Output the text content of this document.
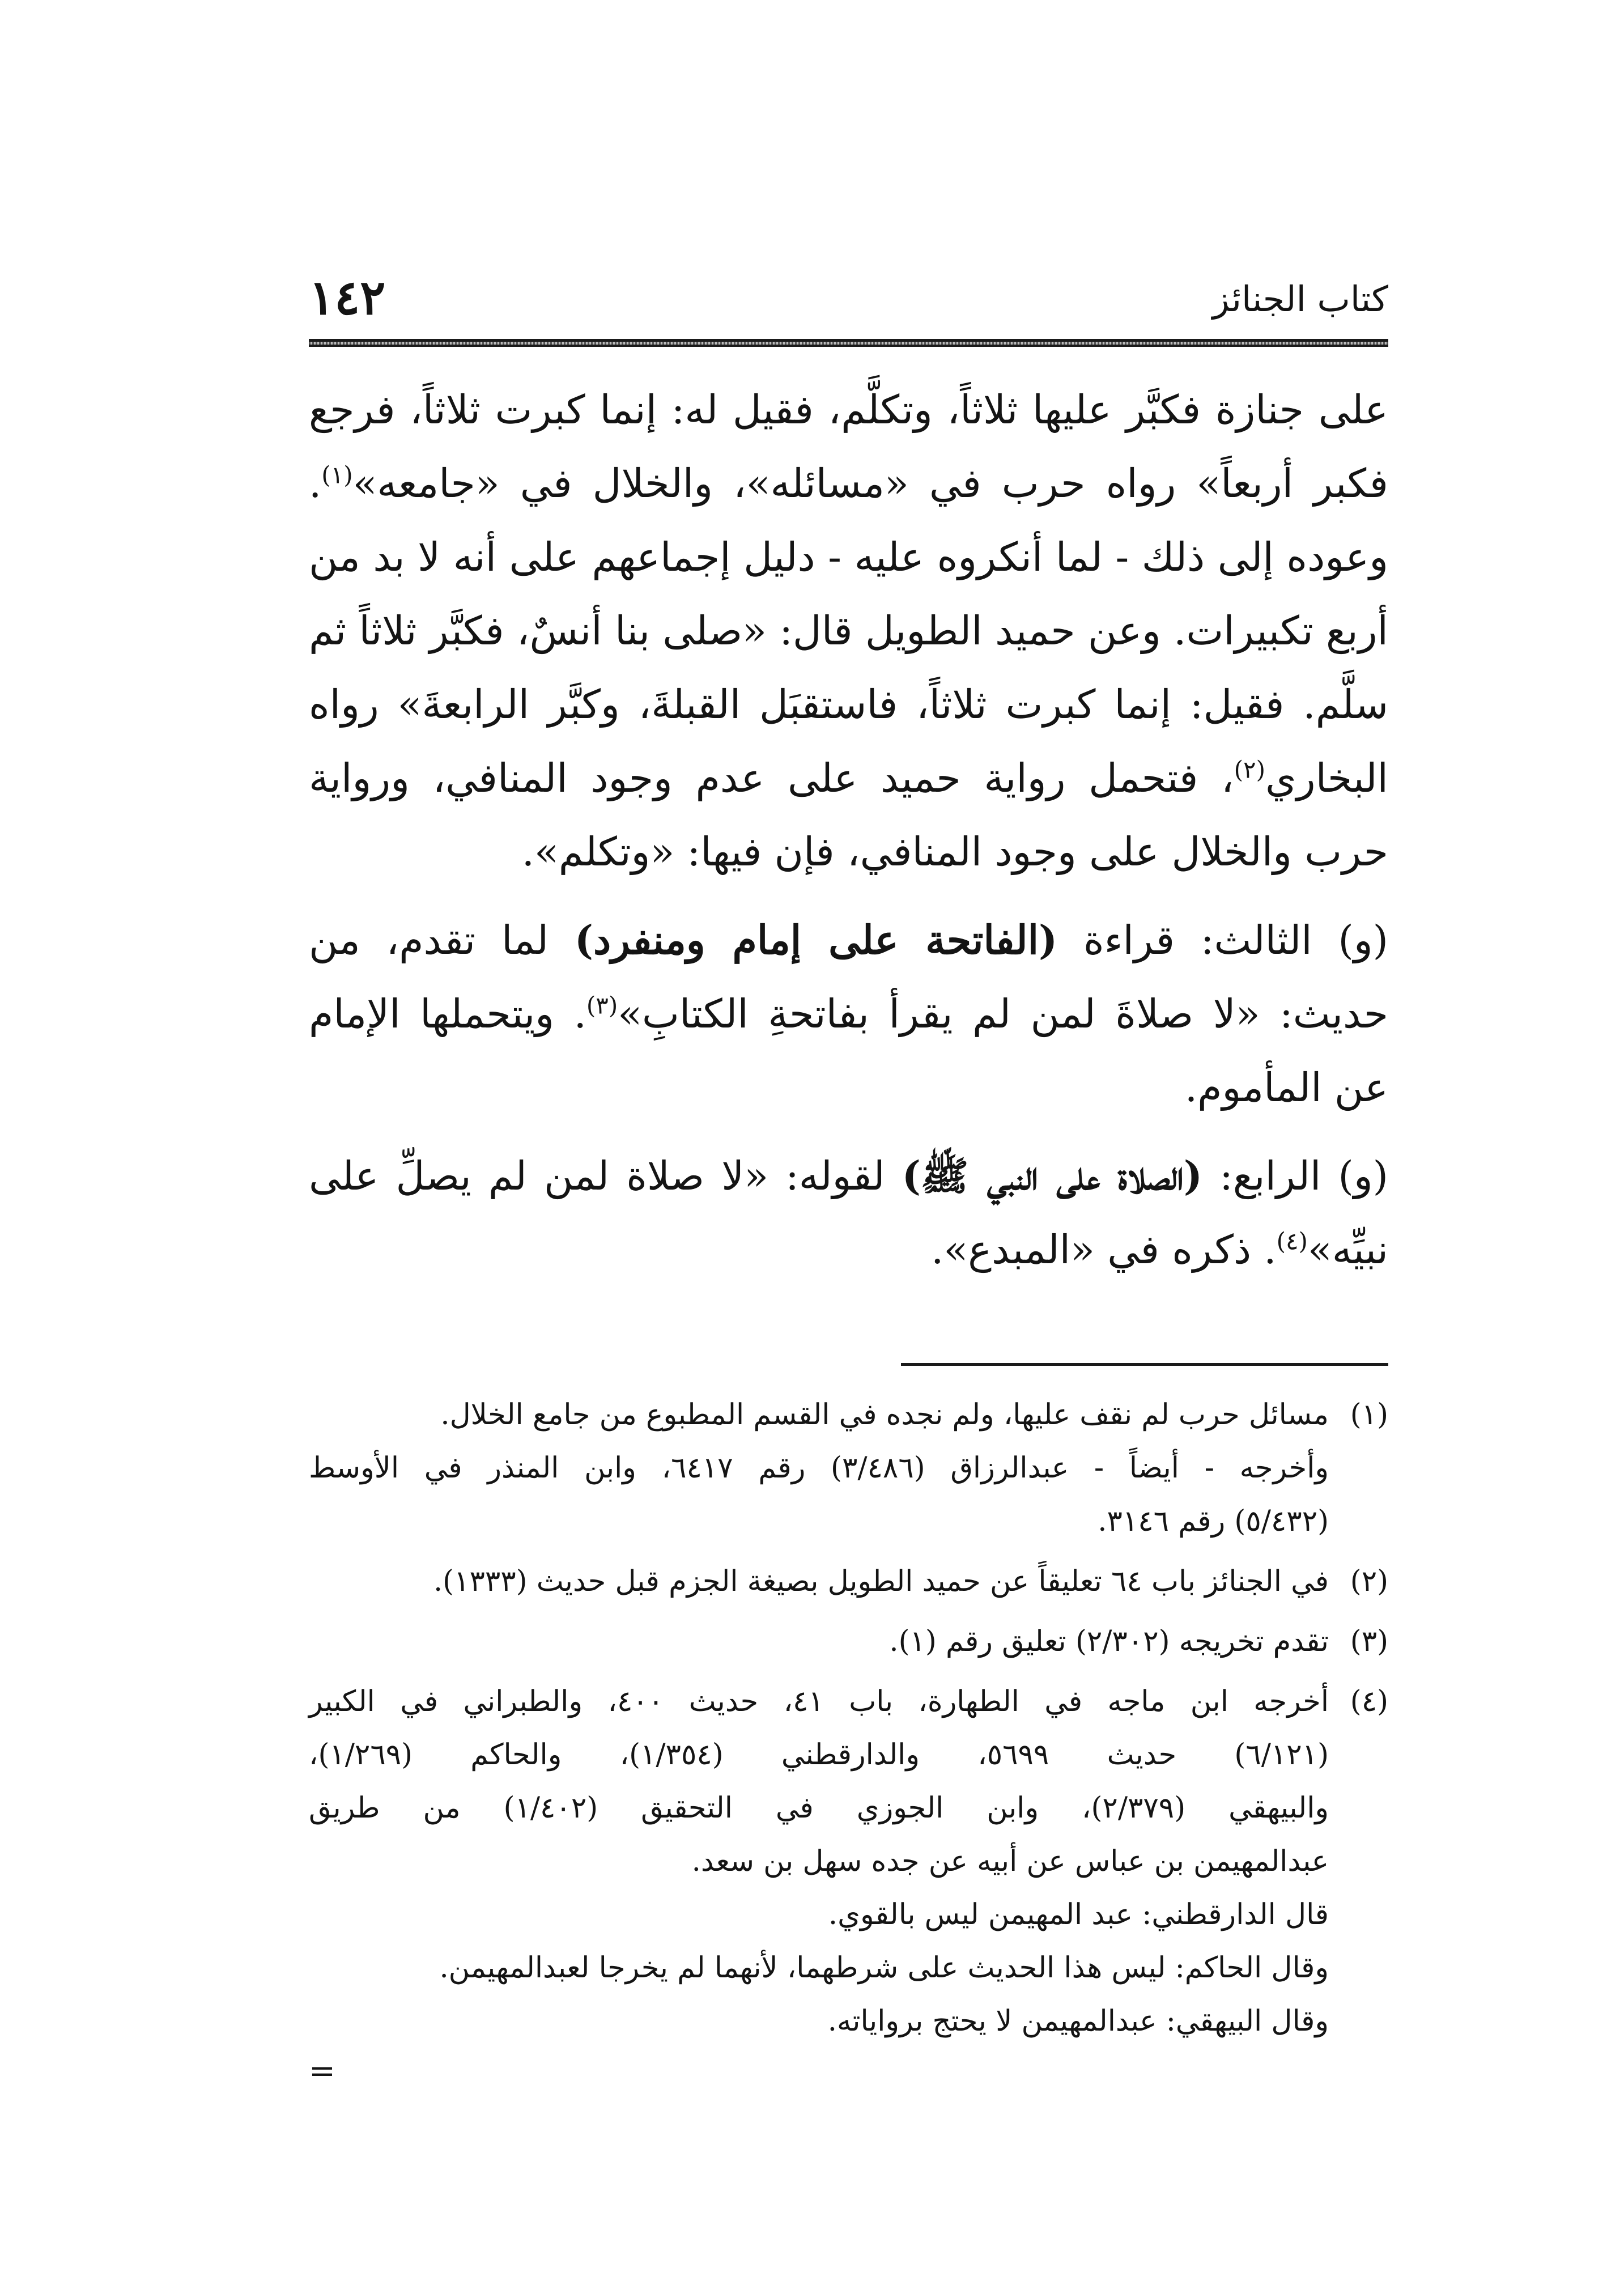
١٤٢	كتاب الجنائز

على جنازة فكبَّر عليها ثلاثاً، وتكلَّم، فقيل له: إنما كبرت ثلاثاً، فرجع فكبر أربعاً» رواه حرب في «مسائله»، والخلال في «جامعه»$^{(١)}$. وعوده إلى ذلك - لما أنكروه عليه - دليل إجماعهم على أنه لا بد من أربع تكبيرات. وعن حميد الطويل قال: «صلى بنا أنسٌ، فكبَّر ثلاثاً ثم سلَّم. فقيل: إنما كبرت ثلاثاً، فاستقبَل القبلةَ، وكبَّر الرابعةَ» رواه البخاري$^{(٢)}$، فتحمل رواية حميد على عدم وجود المنافي، ورواية حرب والخلال على وجود المنافي، فإن فيها: «وتكلم».

(و) الثالث: قراءة (الفاتحة على إمام ومنفرد) لما تقدم، من حديث: «لا صلاةَ لمن لم يقرأ بفاتحةِ الكتابِ»$^{(٣)}$. ويتحملها الإمام عن المأموم.

(و) الرابع: (الصلاة على النبي ﷺ) لقوله: «لا صلاة لمن لم يصلِّ على نبيِّه»$^{(٤)}$. ذكره في «المبدع».

(١)
مسائل حرب لم نقف عليها، ولم نجده في القسم المطبوع من جامع الخلال.
وأخرجه - أيضاً - عبدالرزاق (٣/٤٨٦) رقم ٦٤١٧، وابن المنذر في الأوسط
(٥/٤٣٢) رقم ٣١٤٦.
(٢)
في الجنائز باب ٦٤ تعليقاً عن حميد الطويل بصيغة الجزم قبل حديث (١٣٣٣).
(٣)
تقدم تخريجه (٢/٣٠٢) تعليق رقم (١).
(٤)
أخرجه ابن ماجه في الطهارة، باب ٤١، حديث ٤٠٠، والطبراني في الكبير
(٦/١٢١) حديث ٥٦٩٩، والدارقطني (١/٣٥٤)، والحاكم (١/٢٦٩)،
والبيهقي (٢/٣٧٩)، وابن الجوزي في التحقيق (١/٤٠٢) من طريق
عبدالمهيمن بن عباس عن أبيه عن جده سهل بن سعد.
قال الدارقطني: عبد المهيمن ليس بالقوي.
وقال الحاكم: ليس هذا الحديث على شرطهما، لأنهما لم يخرجا لعبدالمهيمن.
وقال البيهقي: عبدالمهيمن لا يحتج بروایاته.
=
